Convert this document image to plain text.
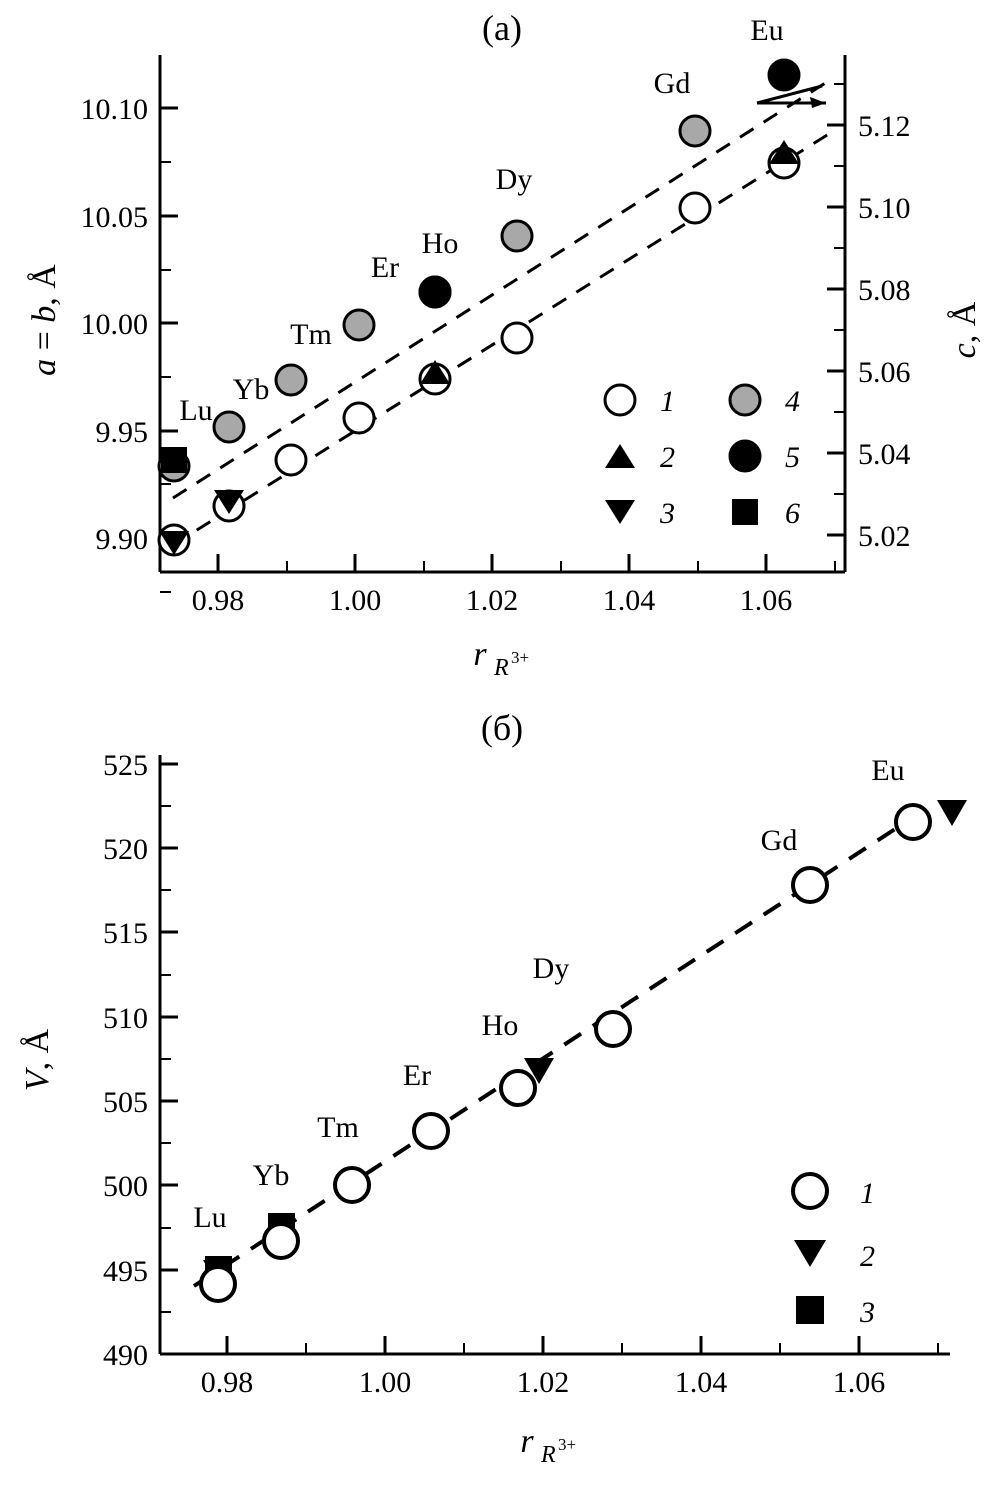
(a)
9.90
9.95
10.00
10.05
10.10
5.02
5.04
5.06
5.08
5.10
5.12
0.98	1.00	1.02	1.04	1.06
r R 3+
a = b, Å
c, Å
Lu
Yb
Tm
Er
Ho
Dy
Gd
Eu
1
2
3
4
5
6
(б)
490
495
500
505
510
515
520
525
0.98	1.00	1.02	1.04	1.06
r R 3+
V, Å
Lu
Yb
Tm
Er
Ho
Dy
Gd
Eu
1
2
3
